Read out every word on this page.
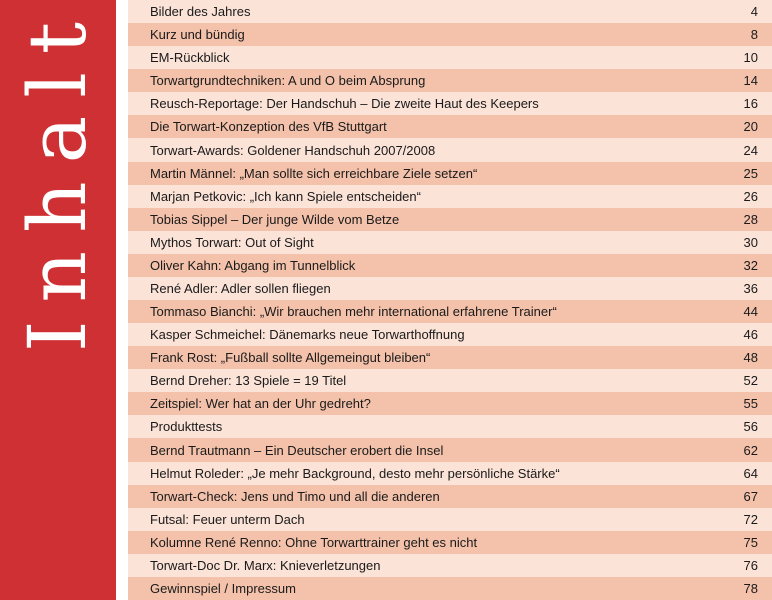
Inhalt	Bilder des Jahres	4
Kurz und bündig	8
EM-Rückblick	10
Torwartgrundtechniken: A und O beim Absprung	14
Reusch-Reportage: Der Handschuh – Die zweite Haut des Keepers	16
Die Torwart-Konzeption des VfB Stuttgart	20
Torwart-Awards: Goldener Handschuh 2007/2008	24
Martin Männel: „Man sollte sich erreichbare Ziele setzen“	25
Marjan Petkovic: „Ich kann Spiele entscheiden“	26
Tobias Sippel – Der junge Wilde vom Betze	28
Mythos Torwart: Out of Sight	30
Oliver Kahn: Abgang im Tunnelblick	32
René Adler: Adler sollen fliegen	36
Tommaso Bianchi: „Wir brauchen mehr international erfahrene Trainer“	44
Kasper Schmeichel: Dänemarks neue Torwarthoffnung	46
Frank Rost: „Fußball sollte Allgemeingut bleiben“	48
Bernd Dreher: 13 Spiele = 19 Titel	52
Zeitspiel: Wer hat an der Uhr gedreht?	55
Produkttests	56
Bernd Trautmann – Ein Deutscher erobert die Insel	62
Helmut Roleder: „Je mehr Background, desto mehr persönliche Stärke“	64
Torwart-Check: Jens und Timo und all die anderen	67
Futsal: Feuer unterm Dach	72
Kolumne René Renno: Ohne Torwarttrainer geht es nicht	75
Torwart-Doc Dr. Marx: Knieverletzungen	76
Gewinnspiel / Impressum	78
